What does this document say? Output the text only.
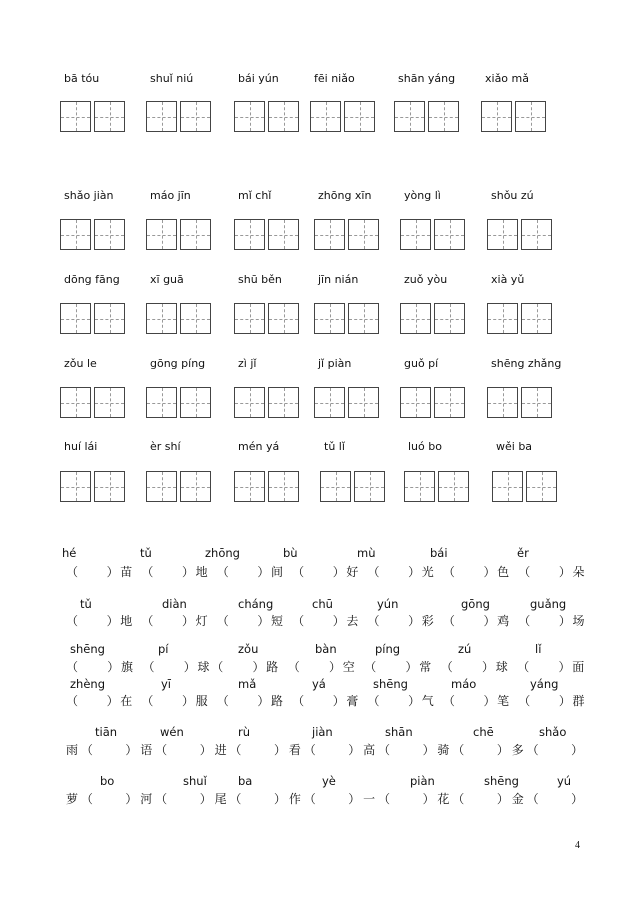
bā tóu	shuǐ niú	bái yún	fēi niǎo	shān yáng	xiǎo mǎ
shǎo jiàn	máo jīn	mǐ chǐ	zhōng xīn	yòng lì	shǒu zú
dōng fāng	xī guā	shū běn	jīn nián	zuǒ yòu	xià yǔ
zǒu le	gōng píng	zì jǐ	jǐ piàn	guǒ pí	shēng zhǎng
huí lái	èr shí	mén yá	tǔ lǐ	luó bo	wěi ba
hé	tǔ	zhōng	bù	mù	bái	ěr
（　　）苗　（　　）地　（　　）间　（　　）好　（　　）光　（　　）色　（　　）朵
tǔ	diàn	cháng	chū	yún	gōng	guǎng
（　　）地　（　　）灯　（　　）短　（　　）去　（　　）彩　（　　）鸡　（　　）场
shēng	pí	zǒu	bàn	píng	zú	lǐ
（　　）旗　（　　）球（　　）路　（　　）空　（　　）常　（　　）球　（　　）面
zhèng	yī	mǎ	yá	shēng	máo	yáng
（　　）在　（　　）服　（　　）路　（　　）膏　（　　）气　（　　）笔　（　　）群
tiān	wén	rù	jiàn	shān	chē	shǎo
雨（　　）语（　　）进（　　）看（　　）高（　　）骑（　　）多（　　）
bo	shuǐ	ba	yè	piàn	shēng	yú
萝（　　）河（　　）尾（　　）作（　　）一（　　）花（　　）金（　　）
4
